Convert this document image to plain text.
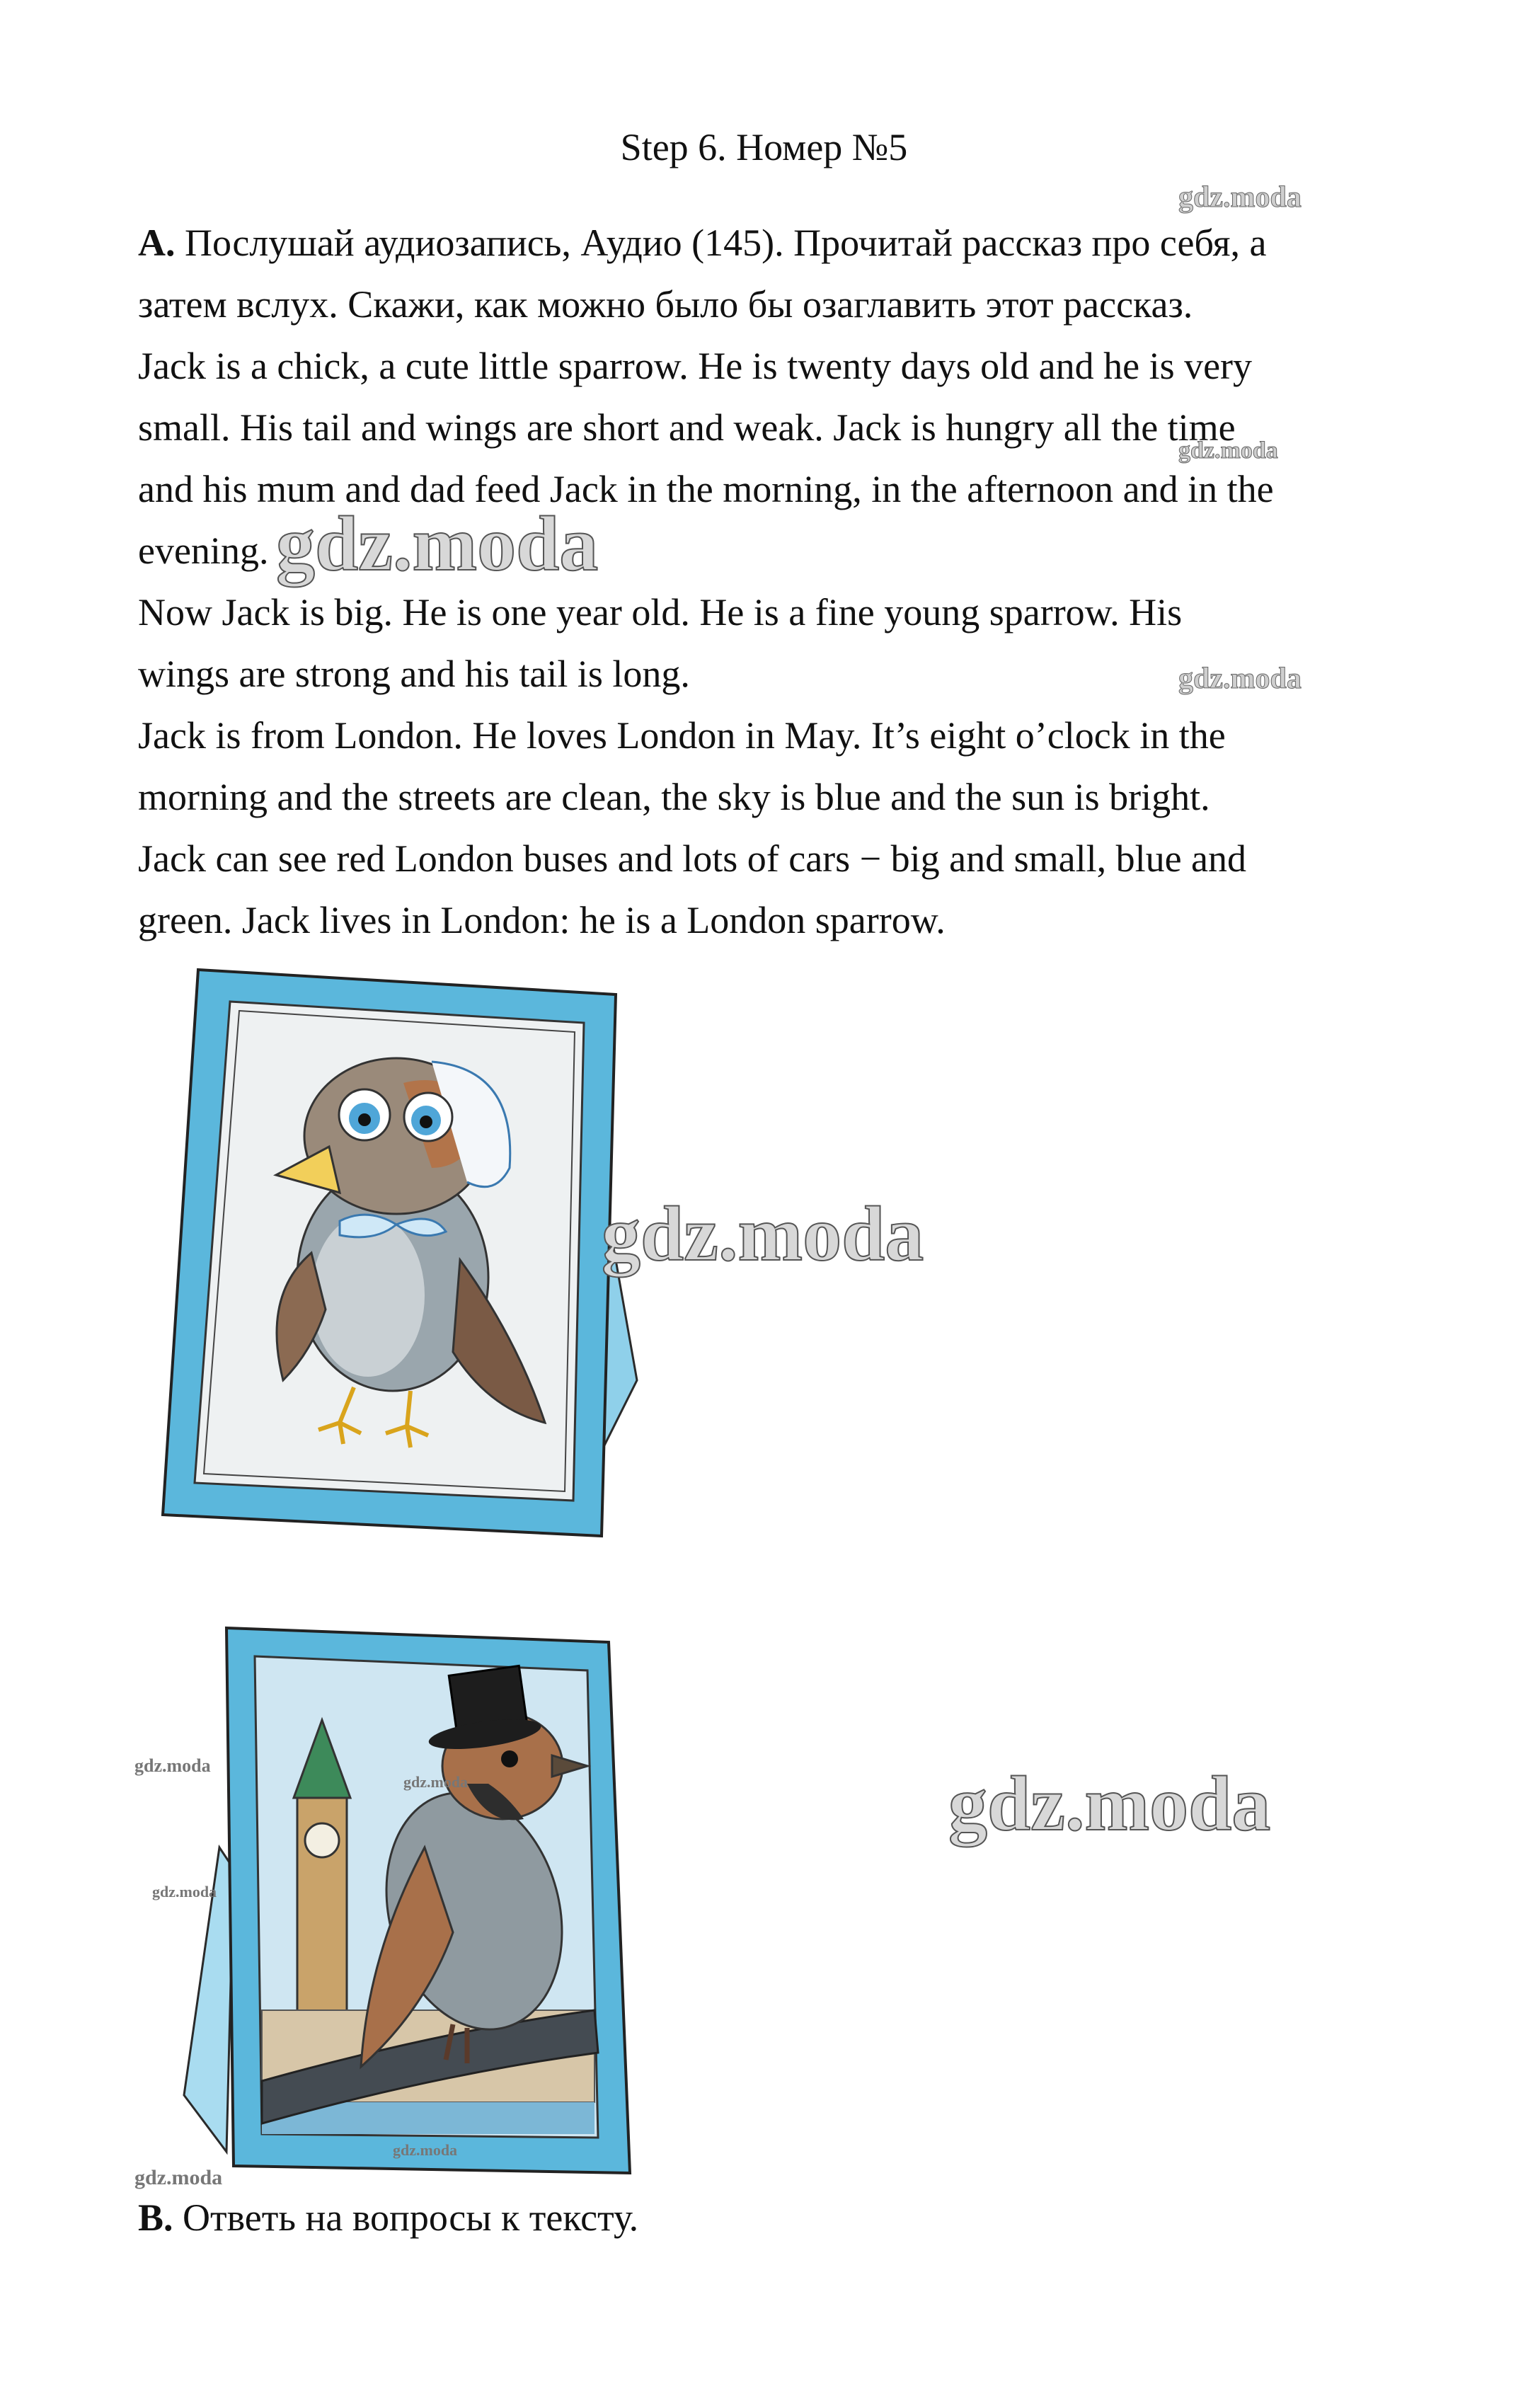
Step 6. Номер №5

А. Послушай аудиозапись, Аудио (145). Прочитай рассказ про себя, а

затем вслух. Скажи, как можно было бы озаглавить этот рассказ.

Jack is a chick, a cute little sparrow. He is twenty days old and he is very

small. His tail and wings are short and weak. Jack is hungry all the time

and his mum and dad feed Jack in the morning, in the afternoon and in the

evening.

Now Jack is big. He is one year old. He is a fine young sparrow. His

wings are strong and his tail is long.

Jack is from London. He loves London in May. It’s eight o’clock in the

morning and the streets are clean, the sky is blue and the sun is bright.

Jack can see red London buses and lots of cars − big and small, blue and

green. Jack lives in London: he is a London sparrow.

gdz.moda
gdz.moda
gdz.moda
gdz.moda
gdz.moda
gdz.moda
gdz.moda
gdz.moda
gdz.moda
gdz.moda
gdz.moda
B. Ответь на вопросы к тексту.
